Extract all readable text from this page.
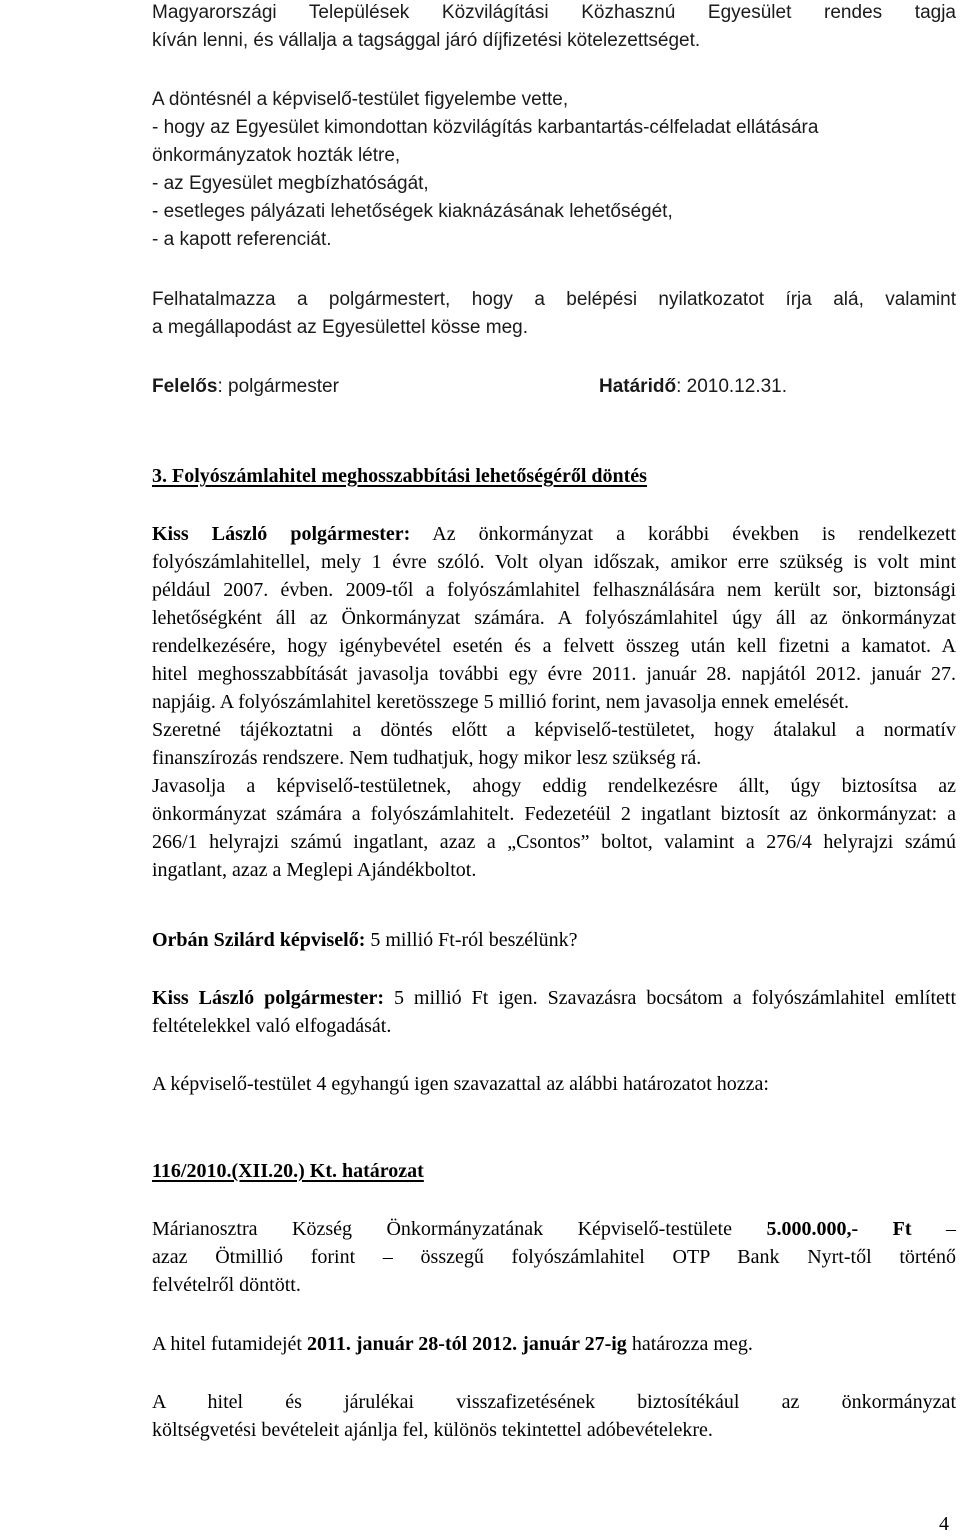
Magyarországi Települések Közvilágítási Közhasznú Egyesület rendes tagja
kíván lenni, és vállalja a tagsággal járó díjfizetési kötelezettséget.
A döntésnél a képviselő-testület figyelembe vette,
- hogy az Egyesület kimondottan közvilágítás karbantartás-célfeladat ellátására
önkormányzatok hozták létre,
- az Egyesület megbízhatóságát,
- esetleges pályázati lehetőségek kiaknázásának lehetőségét,
- a kapott referenciát.
Felhatalmazza a polgármestert, hogy a belépési nyilatkozatot írja alá, valamint
a megállapodást az Egyesülettel kösse meg.
Felelős: polgármester	Határidő: 2010.12.31.
3. Folyószámlahitel meghosszabbítási lehetőségéről döntés
Kiss László polgármester: Az önkormányzat a korábbi években is rendelkezett
folyószámlahitellel, mely 1 évre szóló. Volt olyan időszak, amikor erre szükség is volt mint
például 2007. évben. 2009-től a folyószámlahitel felhasználására nem került sor, biztonsági
lehetőségként áll az Önkormányzat számára. A folyószámlahitel úgy áll az önkormányzat
rendelkezésére, hogy igénybevétel esetén és a felvett összeg után kell fizetni a kamatot. A
hitel meghosszabbítását javasolja további egy évre 2011. január 28. napjától 2012. január 27.
napjáig. A folyószámlahitel keretösszege 5 millió forint, nem javasolja ennek emelését.
Szeretné tájékoztatni a döntés előtt a képviselő-testületet, hogy átalakul a normatív
finanszírozás rendszere. Nem tudhatjuk, hogy mikor lesz szükség rá.
Javasolja a képviselő-testületnek, ahogy eddig rendelkezésre állt, úgy biztosítsa az
önkormányzat számára a folyószámlahitelt. Fedezetéül 2 ingatlant biztosít az önkormányzat: a
266/1 helyrajzi számú ingatlant, azaz a „Csontos” boltot, valamint a 276/4 helyrajzi számú
ingatlant, azaz a Meglepi Ajándékboltot.
Orbán Szilárd képviselő: 5 millió Ft-ról beszélünk?
Kiss László polgármester: 5 millió Ft igen. Szavazásra bocsátom a folyószámlahitel említett
feltételekkel való elfogadását.
A képviselő-testület 4 egyhangú igen szavazattal az alábbi határozatot hozza:
116/2010.(XII.20.) Kt. határozat
Márianosztra Község Önkormányzatának Képviselő-testülete 5.000.000,- Ft –
azaz Ötmillió forint – összegű folyószámlahitel OTP Bank Nyrt-től történő
felvételről döntött.
A hitel futamidejét 2011. január 28-tól 2012. január 27-ig határozza meg.
A hitel és járulékai visszafizetésének biztosítékául az önkormányzat
költségvetési bevételeit ajánlja fel, különös tekintettel adóbevételekre.
4
